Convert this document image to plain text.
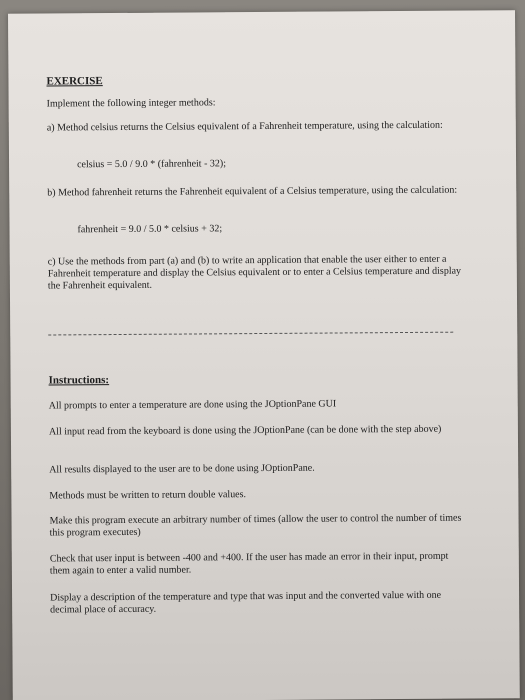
EXERCISE
Implement the following integer methods:
a) Method celsius returns the Celsius equivalent of a Fahrenheit temperature, using the calculation:
celsius = 5.0 / 9.0 * (fahrenheit - 32);
b) Method fahrenheit returns the Fahrenheit equivalent of a Celsius temperature, using the calculation:
fahrenheit = 9.0 / 5.0 * celsius + 32;
c) Use the methods from part (a) and (b) to write an application that enable the user either to enter a Fahrenheit temperature and display the Celsius equivalent or to enter a Celsius temperature and display the Fahrenheit equivalent.
Instructions:
All prompts to enter a temperature are done using the JOptionPane GUI
All input read from the keyboard is done using the JOptionPane (can be done with the step above)
All results displayed to the user are to be done using JOptionPane.
Methods must be written to return double values.
Make this program execute an arbitrary number of times (allow the user to control the number of times this program executes)
Check that user input is between -400 and +400. If the user has made an error in their input, prompt them again to enter a valid number.
Display a description of the temperature and type that was input and the converted value with one decimal place of accuracy.
